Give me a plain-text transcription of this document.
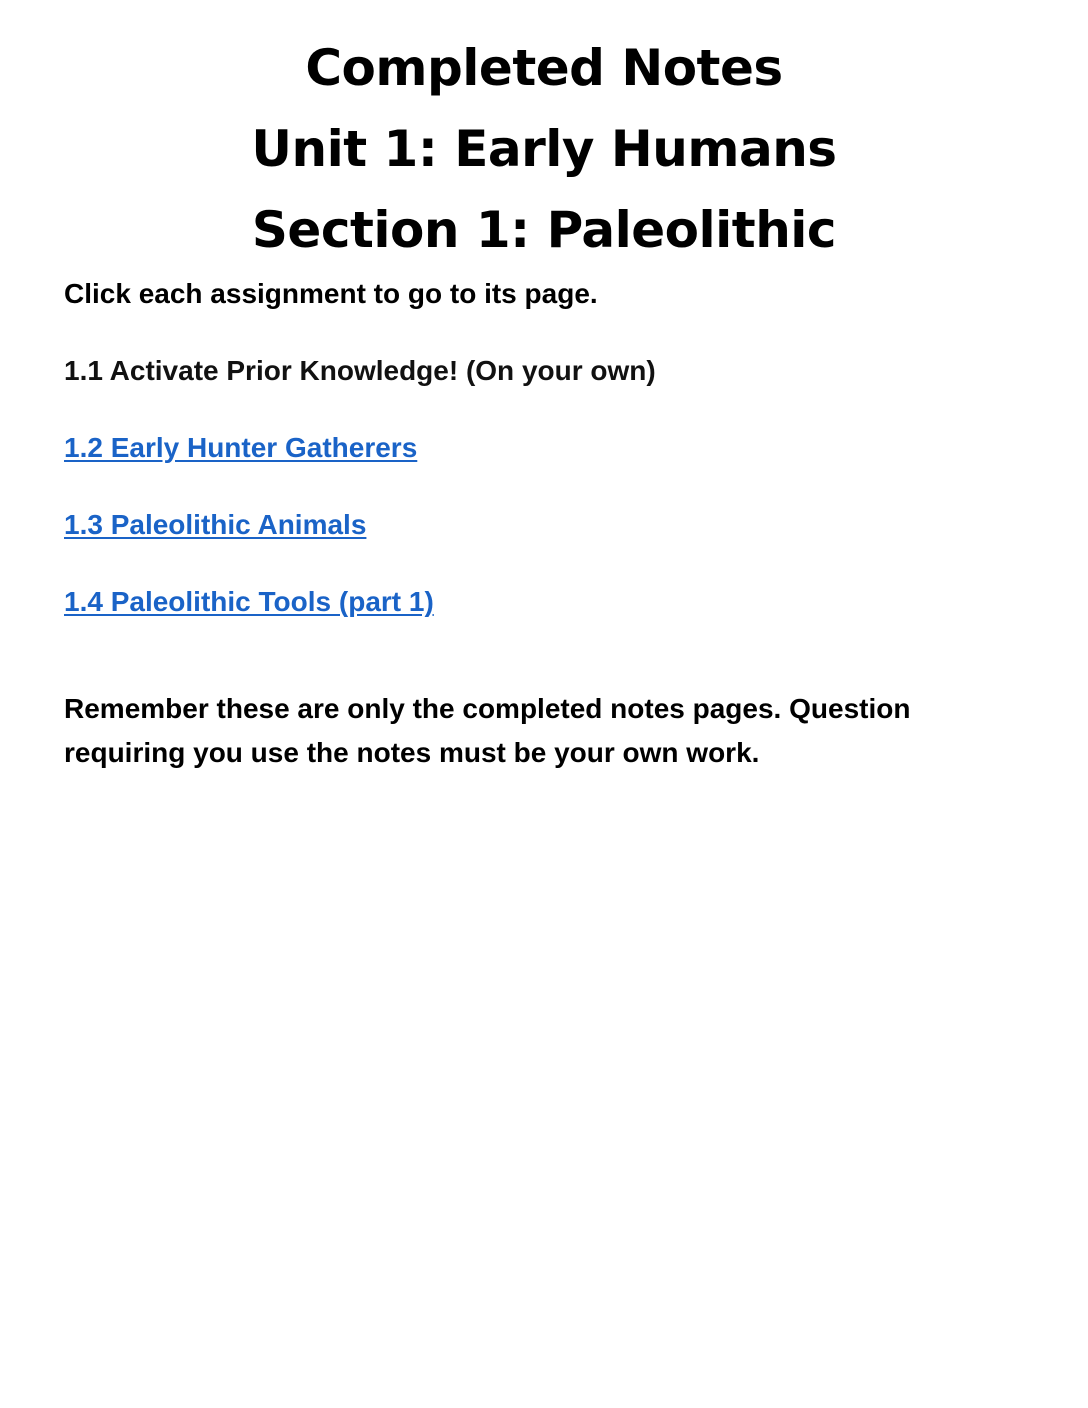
Completed Notes

Unit 1: Early Humans

Section 1: Paleolithic

Click each assignment to go to its page.

1.1 Activate Prior Knowledge! (On your own)

1.2 Early Hunter Gatherers

1.3 Paleolithic Animals

1.4 Paleolithic Tools (part 1)

Remember these are only the completed notes pages. Question requiring you use the notes must be your own work.
